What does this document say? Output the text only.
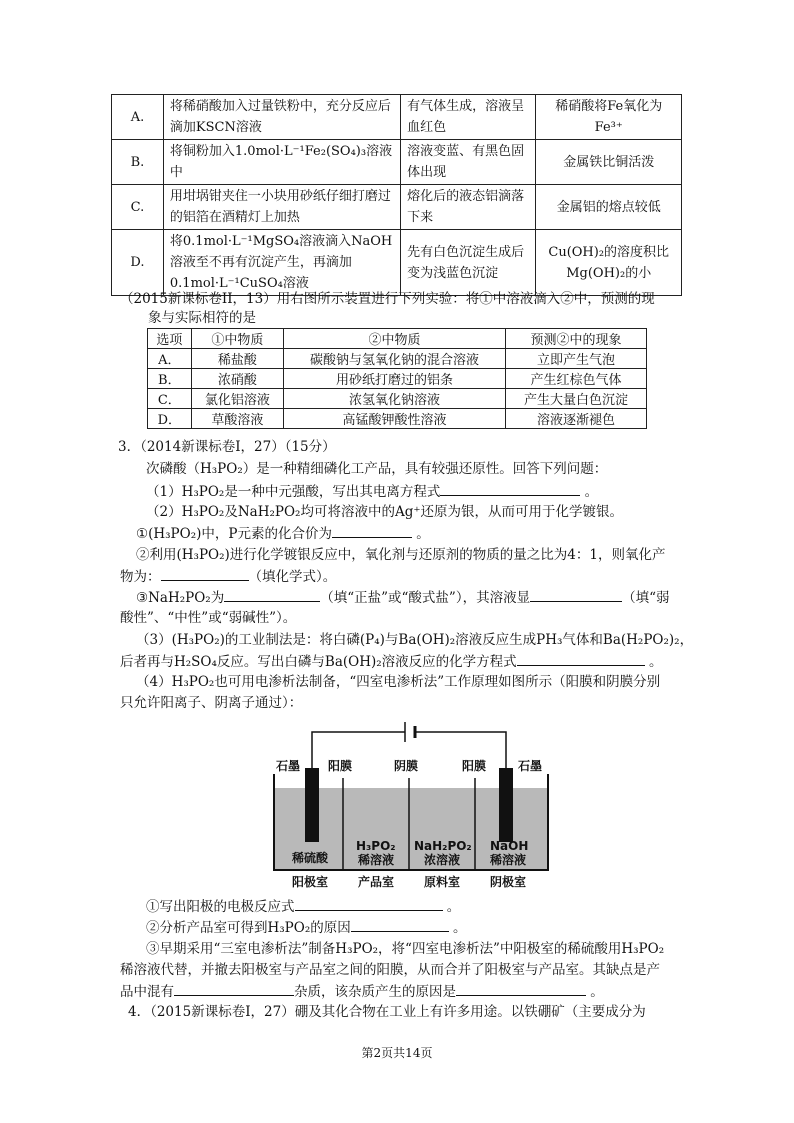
A.	将稀硝酸加入过量铁粉中，充分反应后滴加KSCN溶液	有气体生成，溶液呈血红色	稀硝酸将Fe氧化为Fe³⁺
B.	将铜粉加入1.0mol·L⁻¹Fe₂(SO₄)₃溶液中	溶液变蓝、有黑色固体出现	金属铁比铜活泼
C.	用坩埚钳夹住一小块用砂纸仔细打磨过的铝箔在酒精灯上加热	熔化后的液态铝滴落下来	金属铝的熔点较低
D.	将0.1mol·L⁻¹MgSO₄溶液滴入NaOH溶液至不再有沉淀产生，再滴加0.1mol·L⁻¹CuSO₄溶液	先有白色沉淀生成后变为浅蓝色沉淀	Cu(OH)₂的溶度积比Mg(OH)₂的小
（2015新课标卷II，13）用右图所示装置进行下列实验：将①中溶液滴入②中，预测的现
象与实际相符的是
选项	①中物质	②中物质	预测②中的现象
A．	稀盐酸	碳酸钠与氢氧化钠的混合溶液	立即产生气泡
B．	浓硝酸	用砂纸打磨过的铝条	产生红棕色气体
C．	氯化铝溶液	浓氢氧化钠溶液	产生大量白色沉淀
D．	草酸溶液	高锰酸钾酸性溶液	溶液逐渐褪色
3．（2014新课标卷I，27）（15分）
次磷酸（H₃PO₂）是一种精细磷化工产品，具有较强还原性。回答下列问题：
（1）H₃PO₂是一种中元强酸，写出其电离方程式	。
（2）H₃PO₂及NaH₂PO₂均可将溶液中的Ag⁺还原为银，从而可用于化学镀银。
①(H₃PO₂)中，P元素的化合价为	。
②利用(H₃PO₂)进行化学镀银反应中，氧化剂与还原剂的物质的量之比为4：1，则氧化产
物为：	（填化学式）。
③NaH₂PO₂为	（填“正盐”或“酸式盐”），其溶液显	（填“弱
酸性”、“中性”或“弱碱性”）。
（3）(H₃PO₂)的工业制法是：将白磷(P₄)与Ba(OH)₂溶液反应生成PH₃气体和Ba(H₂PO₂)₂，
后者再与H₂SO₄反应。写出白磷与Ba(OH)₂溶液反应的化学方程式	。
（4）H₃PO₂也可用电渗析法制备，“四室电渗析法”工作原理如图所示（阳膜和阴膜分别
只允许阳离子、阴离子通过）：
石墨 阳膜	阴膜	阳膜	石墨
稀硫酸
H₃PO₂
稀溶液
NaH₂PO₂
浓溶液
NaOH
稀溶液
阳极室 产品室 原料室 阴极室
①写出阳极的电极反应式	。
②分析产品室可得到H₃PO₂的原因	。
③早期采用“三室电渗析法”制备H₃PO₂，将“四室电渗析法”中阳极室的稀硫酸用H₃PO₂
稀溶液代替，并撤去阳极室与产品室之间的阳膜，从而合并了阳极室与产品室。其缺点是产
品中混有	杂质，该杂质产生的原因是	。
4．（2015新课标卷I，27）硼及其化合物在工业上有许多用途。以铁硼矿（主要成分为
第2页共14页
